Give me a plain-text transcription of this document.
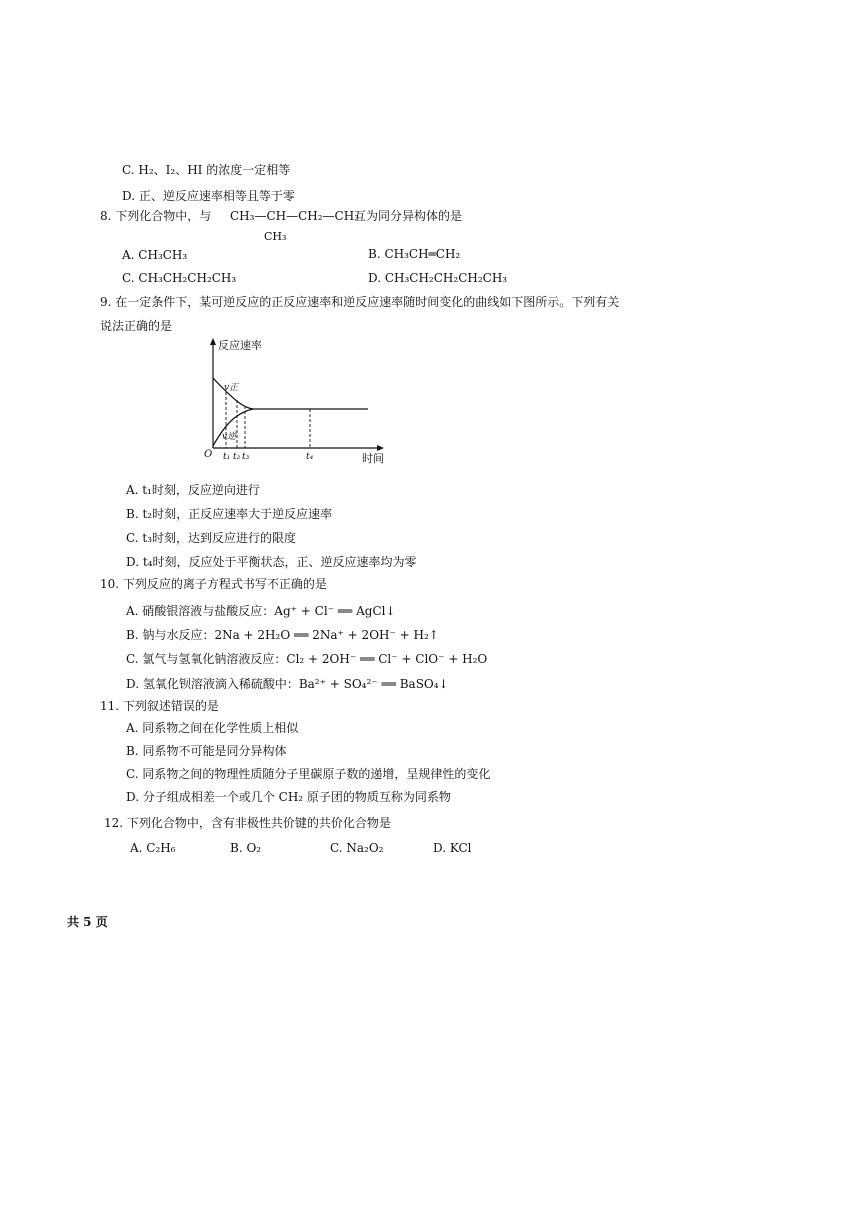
C. H₂、I₂、HI 的浓度一定相等
D. 正、逆反应速率相等且等于零
8. 下列化合物中，与 CH₃—CH—CH₂—CH₃
CH₃
互为同分异构体的是
A. CH₃CH₃	B. CH₃CH═CH₂
C. CH₃CH₂CH₂CH₃	D. CH₃CH₂CH₂CH₂CH₃
9. 在一定条件下，某可逆反应的正反应速率和逆反应速率随时间变化的曲线如下图所示。下列有关
说法正确的是
反应速率
时间
O
v正
v逆
t₁ t₂ t₃	t₄
A. t₁时刻，反应逆向进行
B. t₂时刻，正反应速率大于逆反应速率
C. t₃时刻，达到反应进行的限度
D. t₄时刻，反应处于平衡状态，正、逆反应速率均为零
10. 下列反应的离子方程式书写不正确的是
A. 硝酸银溶液与盐酸反应：Ag⁺ + Cl⁻ ══ AgCl↓
B. 钠与水反应：2Na + 2H₂O ══ 2Na⁺ + 2OH⁻ + H₂↑
C. 氯气与氢氧化钠溶液反应：Cl₂ + 2OH⁻ ══ Cl⁻ + ClO⁻ + H₂O
D. 氢氧化钡溶液滴入稀硫酸中：Ba²⁺ + SO₄²⁻ ══ BaSO₄↓
11. 下列叙述错误的是
A. 同系物之间在化学性质上相似
B. 同系物不可能是同分异构体
C. 同系物之间的物理性质随分子里碳原子数的递增，呈规律性的变化
D. 分子组成相差一个或几个 CH₂ 原子团的物质互称为同系物
12. 下列化合物中，含有非极性共价键的共价化合物是
A. C₂H₆	B. O₂	C. Na₂O₂	D. KCl
共 5 页
